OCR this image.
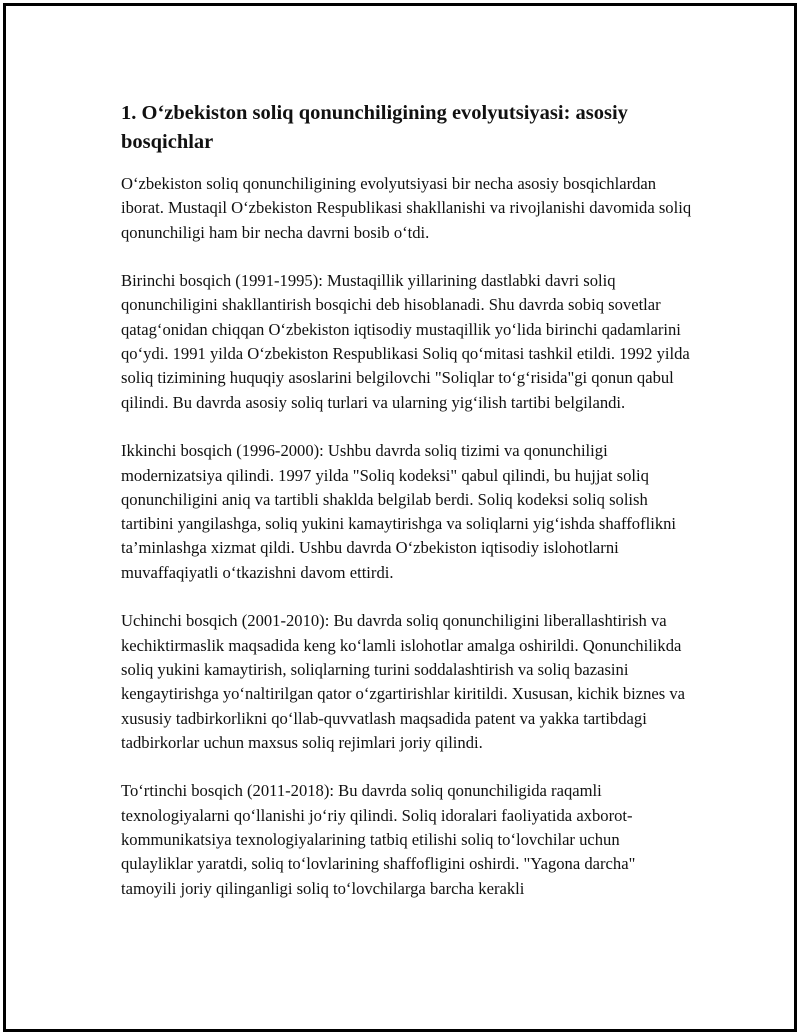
1. O‘zbekiston soliq qonunchiligining evolyutsiyasi: asosiy bosqichlar

O‘zbekiston soliq qonunchiligining evolyutsiyasi bir necha asosiy bosqichlardan iborat. Mustaqil O‘zbekiston Respublikasi shakllanishi va rivojlanishi davomida soliq qonunchiligi ham bir necha davrni bosib o‘tdi.

Birinchi bosqich (1991-1995): Mustaqillik yillarining dastlabki davri soliq qonunchiligini shakllantirish bosqichi deb hisoblanadi. Shu davrda sobiq sovetlar qatag‘onidan chiqqan O‘zbekiston iqtisodiy mustaqillik yo‘lida birinchi qadamlarini qo‘ydi. 1991 yilda O‘zbekiston Respublikasi Soliq qo‘mitasi tashkil etildi. 1992 yilda soliq tizimining huquqiy asoslarini belgilovchi "Soliqlar to‘g‘risida"gi qonun qabul qilindi. Bu davrda asosiy soliq turlari va ularning yig‘ilish tartibi belgilandi.

Ikkinchi bosqich (1996-2000): Ushbu davrda soliq tizimi va qonunchiligi modernizatsiya qilindi. 1997 yilda "Soliq kodeksi" qabul qilindi, bu hujjat soliq qonunchiligini aniq va tartibli shaklda belgilab berdi. Soliq kodeksi soliq solish tartibini yangilashga, soliq yukini kamaytirishga va soliqlarni yig‘ishda shaffoflikni ta’minlashga xizmat qildi. Ushbu davrda O‘zbekiston iqtisodiy islohotlarni muvaffaqiyatli o‘tkazishni davom ettirdi.

Uchinchi bosqich (2001-2010): Bu davrda soliq qonunchiligini liberallashtirish va kechiktirmaslik maqsadida keng ko‘lamli islohotlar amalga oshirildi. Qonunchilikda soliq yukini kamaytirish, soliqlarning turini soddalashtirish va soliq bazasini kengaytirishga yo‘naltirilgan qator o‘zgartirishlar kiritildi. Xususan, kichik biznes va xususiy tadbirkorlikni qo‘llab-quvvatlash maqsadida patent va yakka tartibdagi tadbirkorlar uchun maxsus soliq rejimlari joriy qilindi.

To‘rtinchi bosqich (2011-2018): Bu davrda soliq qonunchiligida raqamli texnologiyalarni qo‘llanishi jo‘riy qilindi. Soliq idoralari faoliyatida axborot-kommunikatsiya texnologiyalarining tatbiq etilishi soliq to‘lovchilar uchun qulayliklar yaratdi, soliq to‘lovlarining shaffofligini oshirdi. "Yagona darcha" tamoyili joriy qilinganligi soliq to‘lovchilarga barcha kerakli
